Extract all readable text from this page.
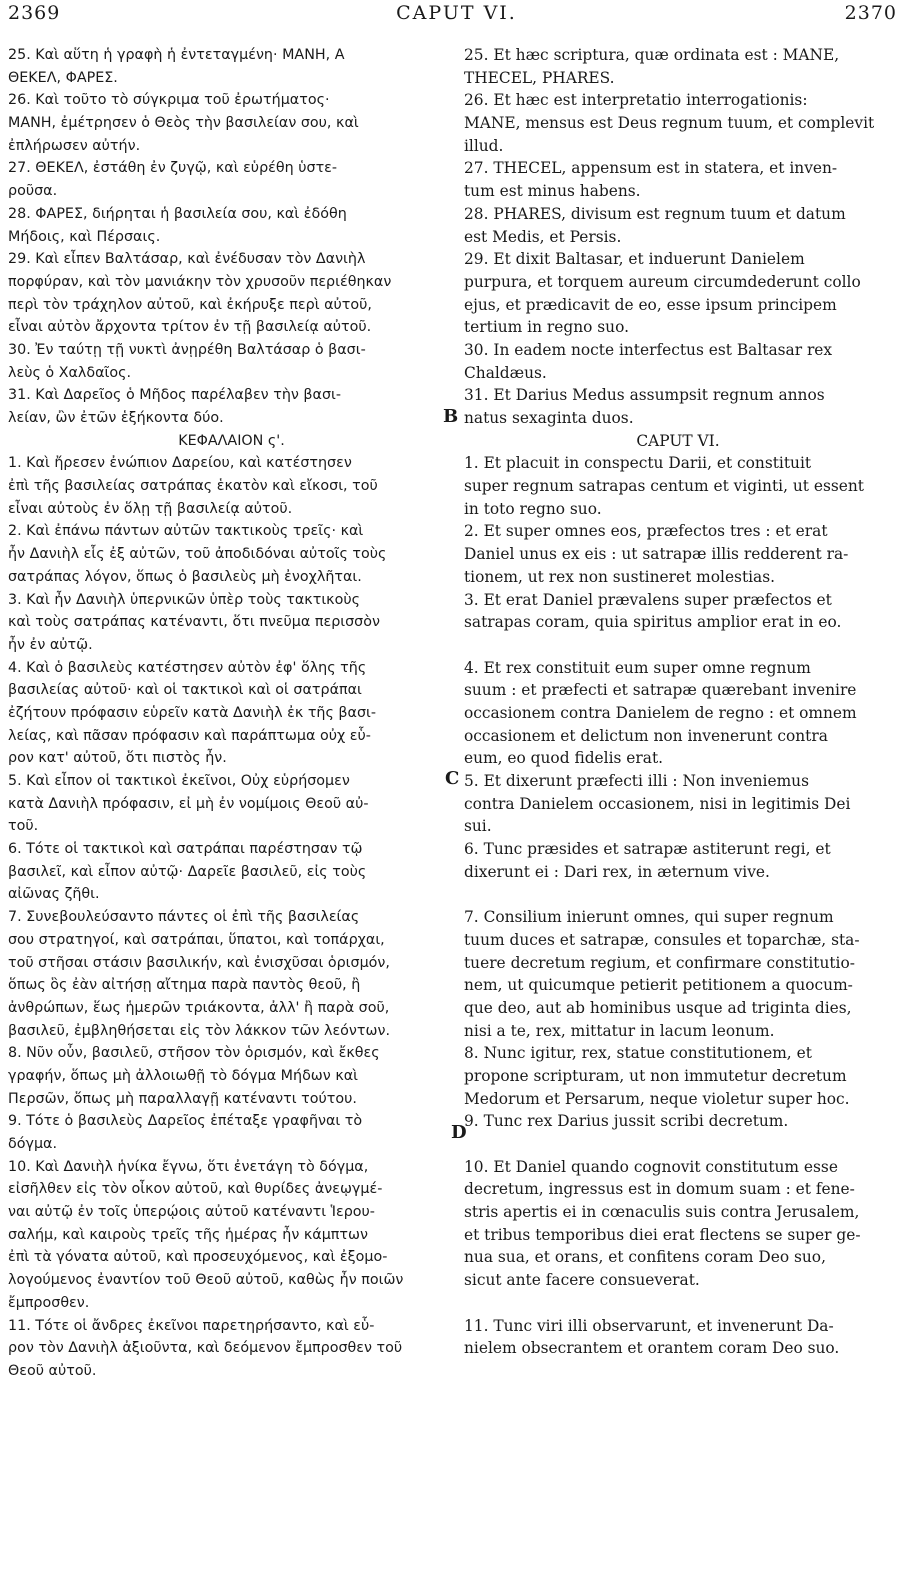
2369	CAPUT VI.	2370
25. Καὶ αὕτη ἡ γραφὴ ἡ ἐντεταγμένη· ΜΑΝΗ, Α
ΘΕΚΕΛ, ΦΑΡΕΣ.
26. Καὶ τοῦτο τὸ σύγκριμα τοῦ ἐρωτήματος·
ΜΑΝΗ, ἐμέτρησεν ὁ Θεὸς τὴν βασιλείαν σου, καὶ
ἐπλήρωσεν αὐτήν.
27. ΘΕΚΕΛ, ἐστάθη ἐν ζυγῷ, καὶ εὑρέθη ὑστε-
ροῦσα.
28. ΦΑΡΕΣ, διήρηται ἡ βασιλεία σου, καὶ ἐδόθη
Μήδοις, καὶ Πέρσαις.
29. Καὶ εἶπεν Βαλτάσαρ, καὶ ἐνέδυσαν τὸν Δανιὴλ
πορφύραν, καὶ τὸν μανιάκην τὸν χρυσοῦν περιέθηκαν
περὶ τὸν τράχηλον αὐτοῦ, καὶ ἐκήρυξε περὶ αὐτοῦ,
εἶναι αὐτὸν ἄρχοντα τρίτον ἐν τῇ βασιλείᾳ αὐτοῦ.
30. Ἐν ταύτῃ τῇ νυκτὶ ἀνῃρέθη Βαλτάσαρ ὁ βασι-
λεὺς ὁ Χαλδαῖος.
31. Καὶ Δαρεῖος ὁ Μῆδος παρέλαβεν τὴν βασι-
λείαν, ὢν ἐτῶν ἑξήκοντα δύο.
ΚΕΦΑΛΑΙΟΝ ς'.
1. Καὶ ἤρεσεν ἐνώπιον Δαρείου, καὶ κατέστησεν
ἐπὶ τῆς βασιλείας σατράπας ἑκατὸν καὶ εἴκοσι, τοῦ
εἶναι αὐτοὺς ἐν ὅλῃ τῇ βασιλείᾳ αὐτοῦ.
2. Καὶ ἐπάνω πάντων αὐτῶν τακτικοὺς τρεῖς· καὶ
ἦν Δανιὴλ εἷς ἐξ αὐτῶν, τοῦ ἀποδιδόναι αὐτοῖς τοὺς
σατράπας λόγον, ὅπως ὁ βασιλεὺς μὴ ἐνοχλῆται.
3. Καὶ ἦν Δανιὴλ ὑπερνικῶν ὑπὲρ τοὺς τακτικοὺς
καὶ τοὺς σατράπας κατέναντι, ὅτι πνεῦμα περισσὸν
ἦν ἐν αὐτῷ.
4. Καὶ ὁ βασιλεὺς κατέστησεν αὐτὸν ἐφ' ὅλης τῆς
βασιλείας αὐτοῦ· καὶ οἱ τακτικοὶ καὶ οἱ σατράπαι
ἐζήτουν πρόφασιν εὑρεῖν κατὰ Δανιὴλ ἐκ τῆς βασι-
λείας, καὶ πᾶσαν πρόφασιν καὶ παράπτωμα οὐχ εὗ-
ρον κατ' αὐτοῦ, ὅτι πιστὸς ἦν.
5. Καὶ εἶπον οἱ τακτικοὶ ἐκεῖνοι, Οὐχ εὑρήσομεν
κατὰ Δανιὴλ πρόφασιν, εἰ μὴ ἐν νομίμοις Θεοῦ αὐ-
τοῦ.
6. Τότε οἱ τακτικοὶ καὶ σατράπαι παρέστησαν τῷ
βασιλεῖ, καὶ εἶπον αὐτῷ· Δαρεῖε βασιλεῦ, εἰς τοὺς
αἰῶνας ζῆθι.
7. Συνεβουλεύσαντο πάντες οἱ ἐπὶ τῆς βασιλείας
σου στρατηγοί, καὶ σατράπαι, ὕπατοι, καὶ τοπάρχαι,
τοῦ στῆσαι στάσιν βασιλικήν, καὶ ἐνισχῦσαι ὁρισμόν,
ὅπως ὃς ἐὰν αἰτήσῃ αἴτημα παρὰ παντὸς θεοῦ, ἢ
ἀνθρώπων, ἕως ἡμερῶν τριάκοντα, ἀλλ' ἢ παρὰ σοῦ,
βασιλεῦ, ἐμβληθήσεται εἰς τὸν λάκκον τῶν λεόντων.
8. Νῦν οὖν, βασιλεῦ, στῆσον τὸν ὁρισμόν, καὶ ἔκθες
γραφήν, ὅπως μὴ ἀλλοιωθῇ τὸ δόγμα Μήδων καὶ
Περσῶν, ὅπως μὴ παραλλαγῇ κατέναντι τούτου.
9. Τότε ὁ βασιλεὺς Δαρεῖος ἐπέταξε γραφῆναι τὸ
δόγμα.
10. Καὶ Δανιὴλ ἡνίκα ἔγνω, ὅτι ἐνετάγη τὸ δόγμα,
εἰσῆλθεν εἰς τὸν οἶκον αὐτοῦ, καὶ θυρίδες ἀνεῳγμέ-
ναι αὐτῷ ἐν τοῖς ὑπερῴοις αὐτοῦ κατέναντι Ἱερου-
σαλήμ, καὶ καιροὺς τρεῖς τῆς ἡμέρας ἦν κάμπτων
ἐπὶ τὰ γόνατα αὐτοῦ, καὶ προσευχόμενος, καὶ ἐξομο-
λογούμενος ἐναντίον τοῦ Θεοῦ αὐτοῦ, καθὼς ἦν ποιῶν
ἔμπροσθεν.
11. Τότε οἱ ἄνδρες ἐκεῖνοι παρετηρήσαντο, καὶ εὗ-
ρον τὸν Δανιὴλ ἀξιοῦντα, καὶ δεόμενον ἔμπροσθεν τοῦ
Θεοῦ αὐτοῦ.
25. Et hæc scriptura, quæ ordinata est : MANE,
THECEL, PHARES.
26. Et hæc est interpretatio interrogationis:
MANE, mensus est Deus regnum tuum, et complevit
illud.
27. THECEL, appensum est in statera, et inven-
tum est minus habens.
28. PHARES, divisum est regnum tuum et datum
est Medis, et Persis.
29. Et dixit Baltasar, et induerunt Danielem
purpura, et torquem aureum circumdederunt collo
ejus, et prædicavit de eo, esse ipsum principem
tertium in regno suo.
30. In eadem nocte interfectus est Baltasar rex
Chaldæus.
31. Et Darius Medus assumpsit regnum annos
natus sexaginta duos.
CAPUT VI.
1. Et placuit in conspectu Darii, et constituit
super regnum satrapas centum et viginti, ut essent
in toto regno suo.
2. Et super omnes eos, præfectos tres : et erat
Daniel unus ex eis : ut satrapæ illis redderent ra-
tionem, ut rex non sustineret molestias.
3. Et erat Daniel prævalens super præfectos et
satrapas coram, quia spiritus amplior erat in eo.
4. Et rex constituit eum super omne regnum
suum : et præfecti et satrapæ quærebant invenire
occasionem contra Danielem de regno : et omnem
occasionem et delictum non invenerunt contra
eum, eo quod fidelis erat.
5. Et dixerunt præfecti illi : Non inveniemus
contra Danielem occasionem, nisi in legitimis Dei
sui.
6. Tunc præsides et satrapæ astiterunt regi, et
dixerunt ei : Dari rex, in æternum vive.
7. Consilium inierunt omnes, qui super regnum
tuum duces et satrapæ, consules et toparchæ, sta-
tuere decretum regium, et confirmare constitutio-
nem, ut quicumque petierit petitionem a quocum-
que deo, aut ab hominibus usque ad triginta dies,
nisi a te, rex, mittatur in lacum leonum.
8. Nunc igitur, rex, statue constitutionem, et
propone scripturam, ut non immutetur decretum
Medorum et Persarum, neque violetur super hoc.
9. Tunc rex Darius jussit scribi decretum.
10. Et Daniel quando cognovit constitutum esse
decretum, ingressus est in domum suam : et fene-
stris apertis ei in cœnaculis suis contra Jerusalem,
et tribus temporibus diei erat flectens se super ge-
nua sua, et orans, et confitens coram Deo suo,
sicut ante facere consueverat.
11. Tunc viri illi observarunt, et invenerunt Da-
nielem obsecrantem et orantem coram Deo suo.
B
C
D
